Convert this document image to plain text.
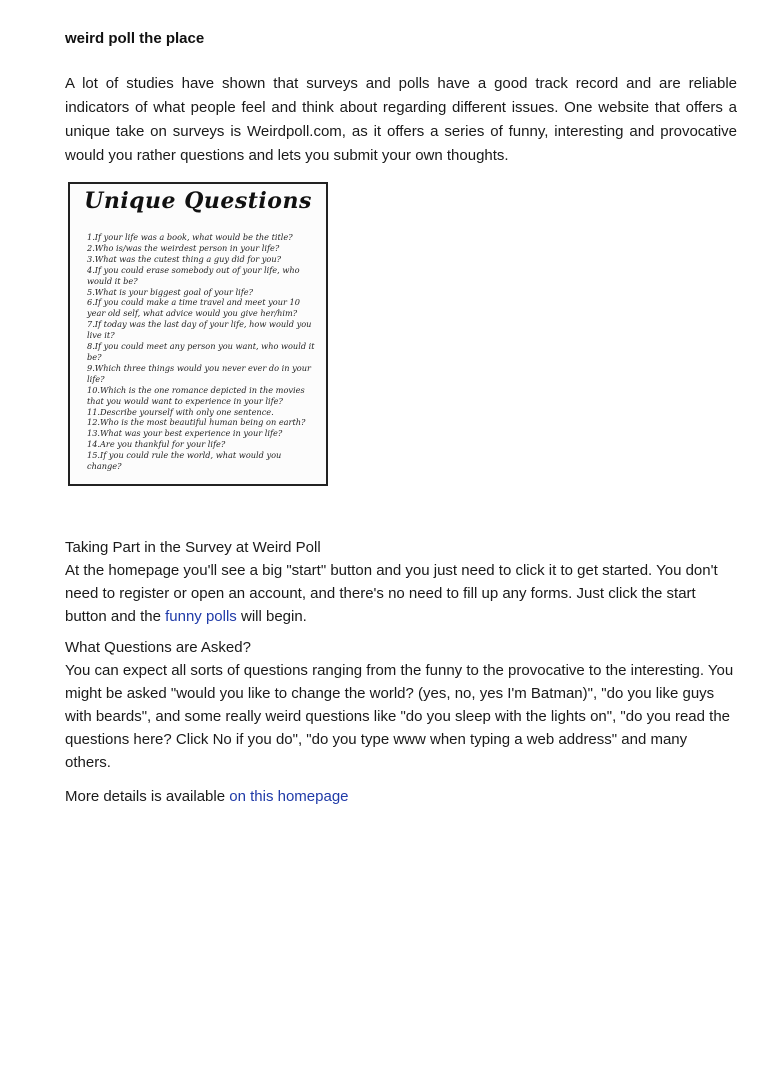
weird poll the place

A lot of studies have shown that surveys and polls have a good track record and are reliable indicators of what people feel and think about regarding different issues. One website that offers a unique take on surveys is Weirdpoll.com, as it offers a series of funny, interesting and provocative would you rather questions and lets you submit your own thoughts.

Unique Questions
1.If your life was a book, what would be the title?
2.Who is/was the weirdest person in your life?
3.What was the cutest thing a guy did for you?
4.If you could erase somebody out of your life, who would it be?
5.What is your biggest goal of your life?
6.If you could make a time travel and meet your 10 year old self, what advice would you give her/him?
7.If today was the last day of your life, how would you live it?
8.If you could meet any person you want, who would it be?
9.Which three things would you never ever do in your life?
10.Which is the one romance depicted in the movies that you would want to experience in your life?
11.Describe yourself with only one sentence.
12.Who is the most beautiful human being on earth?
13.What was your best experience in your life?
14.Are you thankful for your life?
15.If you could rule the world, what would you change?

Taking Part in the Survey at Weird Poll
At the homepage you'll see a big "start" button and you just need to click it to get started. You don't need to register or open an account, and there's no need to fill up any forms. Just click the start button and the funny polls will begin.

What Questions are Asked?
You can expect all sorts of questions ranging from the funny to the provocative to the interesting. You might be asked "would you like to change the world? (yes, no, yes I'm Batman)", "do you like guys with beards", and some really weird questions like "do you sleep with the lights on", "do you read the questions here? Click No if you do", "do you type www when typing a web address" and many others.

More details is available on this homepage
